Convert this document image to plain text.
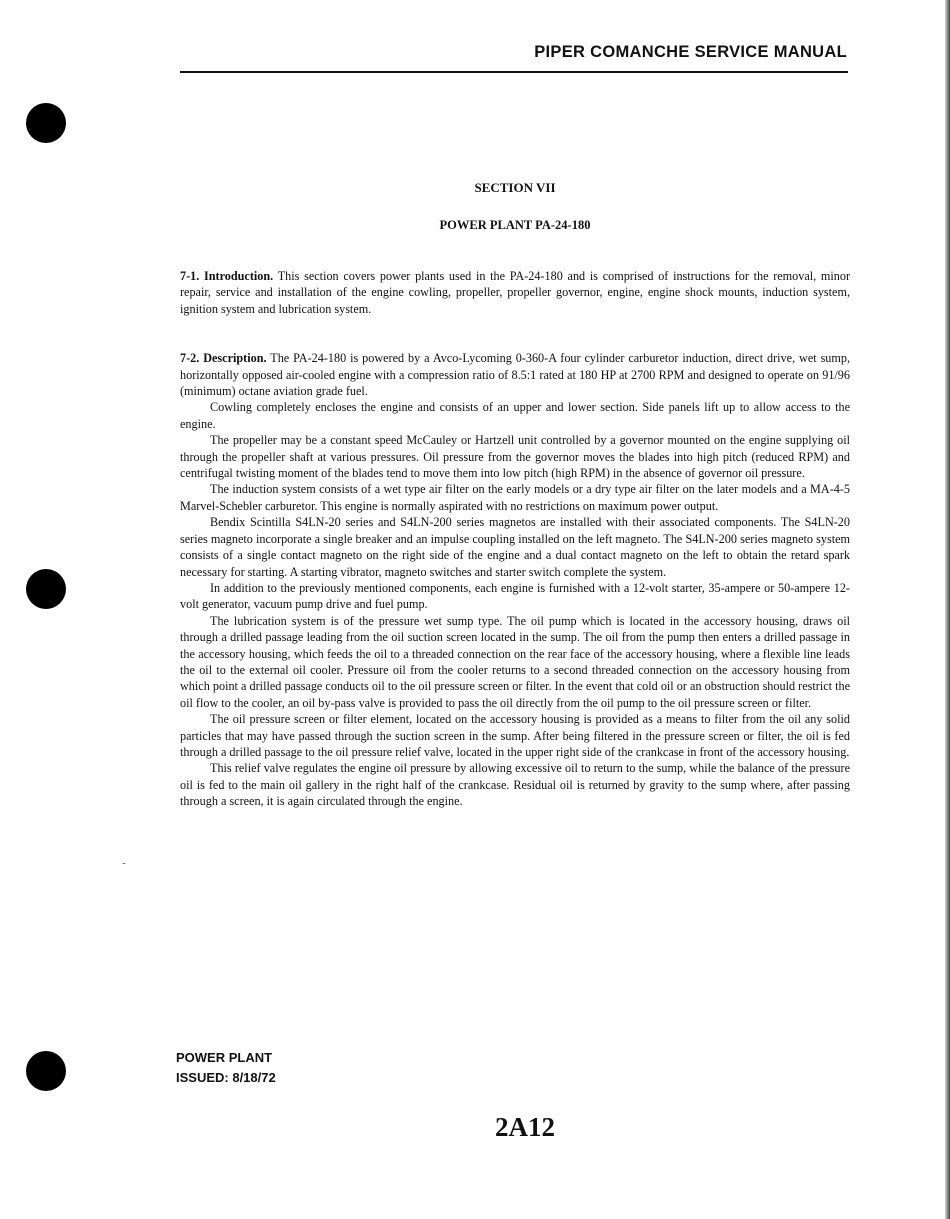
-
PIPER COMANCHE SERVICE MANUAL
SECTION VII
POWER PLANT PA-24-180

7-1. Introduction. This section covers power plants used in the PA-24-180 and is comprised of instructions for the removal, minor repair, service and installation of the engine cowling, propeller, propeller governor, engine, engine shock mounts, induction system, ignition system and lubrication system.

7-2. Description. The PA-24-180 is powered by a Avco-Lycoming 0-360-A four cylinder carburetor induction, direct drive, wet sump, horizontally opposed air-cooled engine with a compression ratio of 8.5:1 rated at 180 HP at 2700 RPM and designed to operate on 91/96 (minimum) octane aviation grade fuel.

Cowling completely encloses the engine and consists of an upper and lower section. Side panels lift up to allow access to the engine.

The propeller may be a constant speed McCauley or Hartzell unit controlled by a governor mounted on the engine supplying oil through the propeller shaft at various pressures. Oil pressure from the governor moves the blades into high pitch (reduced RPM) and centrifugal twisting moment of the blades tend to move them into low pitch (high RPM) in the absence of governor oil pressure.

The induction system consists of a wet type air filter on the early models or a dry type air filter on the later models and a MA-4-5 Marvel-Schebler carburetor. This engine is normally aspirated with no restrictions on maximum power output.

Bendix Scintilla S4LN-20 series and S4LN-200 series magnetos are installed with their associated components. The S4LN-20 series magneto incorporate a single breaker and an impulse coupling installed on the left magneto. The S4LN-200 series magneto system consists of a single contact magneto on the right side of the engine and a dual contact magneto on the left to obtain the retard spark necessary for starting. A starting vibrator, magneto switches and starter switch complete the system.

In addition to the previously mentioned components, each engine is furnished with a 12-volt starter, 35-ampere or 50-ampere 12-volt generator, vacuum pump drive and fuel pump.

The lubrication system is of the pressure wet sump type. The oil pump which is located in the accessory housing, draws oil through a drilled passage leading from the oil suction screen located in the sump. The oil from the pump then enters a drilled passage in the accessory housing, which feeds the oil to a threaded connection on the rear face of the accessory housing, where a flexible line leads the oil to the external oil cooler. Pressure oil from the cooler returns to a second threaded connection on the accessory housing from which point a drilled passage conducts oil to the oil pressure screen or filter. In the event that cold oil or an obstruction should restrict the oil flow to the cooler, an oil by-pass valve is provided to pass the oil directly from the oil pump to the oil pressure screen or filter.

The oil pressure screen or filter element, located on the accessory housing is provided as a means to filter from the oil any solid particles that may have passed through the suction screen in the sump. After being filtered in the pressure screen or filter, the oil is fed through a drilled passage to the oil pressure relief valve, located in the upper right side of the crankcase in front of the accessory housing.

This relief valve regulates the engine oil pressure by allowing excessive oil to return to the sump, while the balance of the pressure oil is fed to the main oil gallery in the right half of the crankcase. Residual oil is returned by gravity to the sump where, after passing through a screen, it is again circulated through the engine.

POWER PLANT
ISSUED: 8/18/72
2A12
